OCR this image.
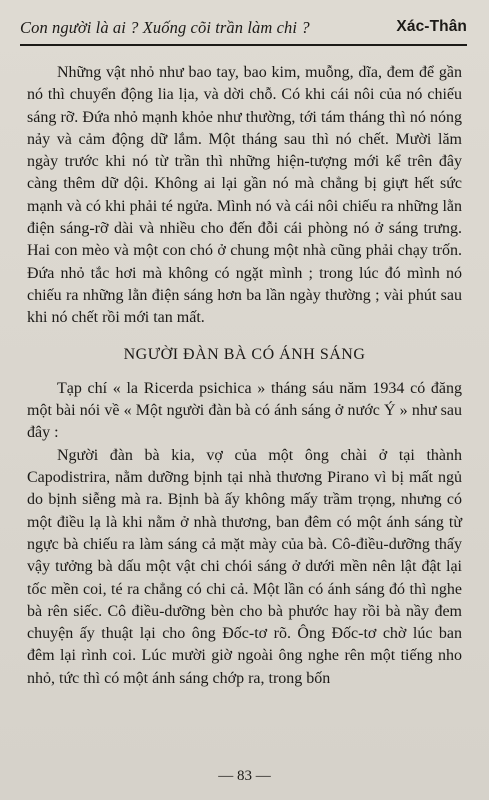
Con người là ai ? Xuống cõi trần làm chi ?	Xác-Thân

Những vật nhỏ như bao tay, bao kim, muỗng, dĩa, đem để gần nó thì chuyển động lia lịa, và dời chỗ. Có khi cái nôi của nó chiếu sáng rỡ. Đứa nhỏ mạnh khỏe như thường, tới tám tháng thì nó nóng nảy và cảm động dữ lắm. Một tháng sau thì nó chết. Mười lăm ngày trước khi nó từ trần thì những hiện-tượng mới kể trên đây càng thêm dữ dội. Không ai lại gần nó mà chẳng bị giựt hết sức mạnh và có khi phải té ngửa. Mình nó và cái nôi chiếu ra những lằn điện sáng-rỡ dài và nhiều cho đến đỗi cái phòng nó ở sáng trưng. Hai con mèo và một con chó ở chung một nhà cũng phải chạy trốn. Đứa nhỏ tắc hơi mà không có ngặt mình ; trong lúc đó mình nó chiếu ra những lằn điện sáng hơn ba lần ngày thường ; vài phút sau khi nó chết rồi mới tan mất.

NGƯỜI ĐÀN BÀ CÓ ÁNH SÁNG

Tạp chí « la Ricerda psichica » tháng sáu năm 1934 có đăng một bài nói về « Một người đàn bà có ánh sáng ở nước Ý » như sau đây :

Người đàn bà kia, vợ của một ông chài ở tại thành Capodistrira, nằm dưỡng bịnh tại nhà thương Pirano vì bị mất ngủ do bịnh siễng mà ra. Bịnh bà ấy không mấy trầm trọng, nhưng có một điều lạ là khi nằm ở nhà thương, ban đêm có một ánh sáng từ ngực bà chiếu ra làm sáng cả mặt mày của bà. Cô-điều-dưỡng thấy vậy tưởng bà dấu một vật chi chói sáng ở dưới mền nên lật đật lại tốc mền coi, té ra chẳng có chi cả. Một lần có ánh sáng đó thì nghe bà rên siếc. Cô điều-dưỡng bèn cho bà phước hay rồi bà nầy đem chuyện ấy thuật lại cho ông Đốc-tơ rõ. Ông Đốc-tơ chờ lúc ban đêm lại rình coi. Lúc mười giờ ngoài ông nghe rên một tiếng nho nhỏ, tức thì có một ánh sáng chớp ra, trong bốn

— 83 —
